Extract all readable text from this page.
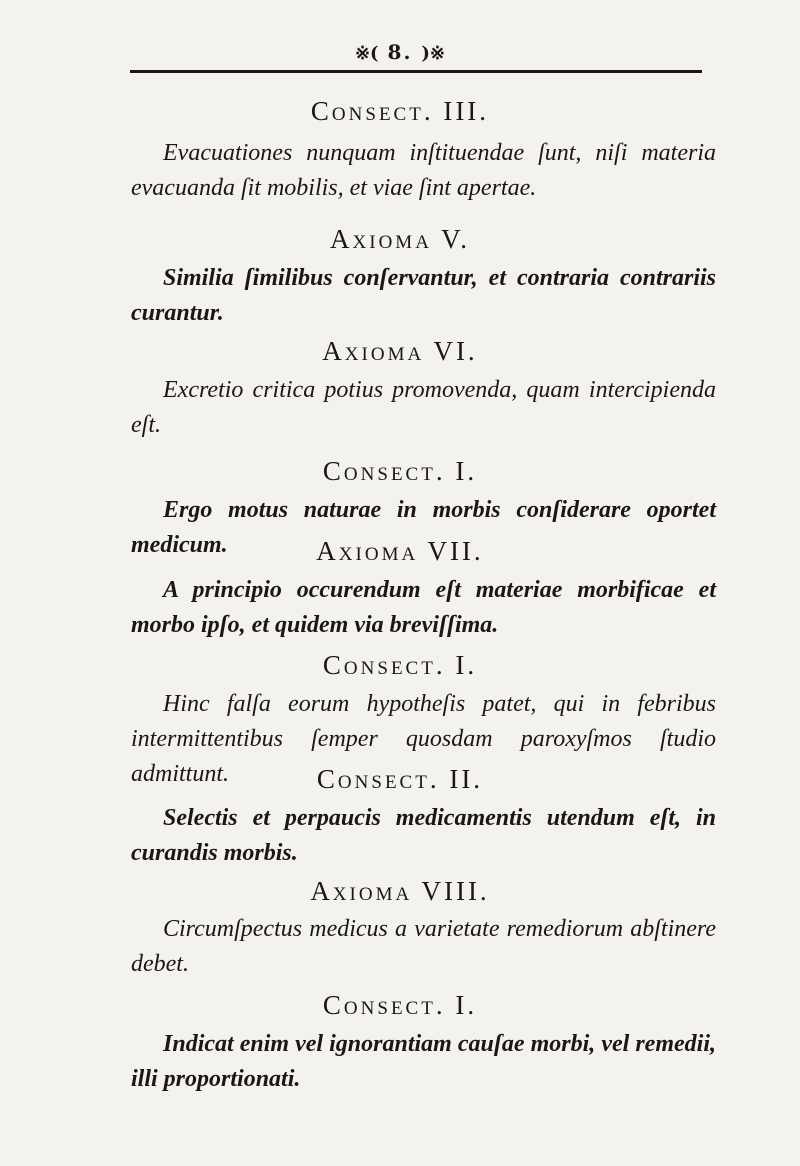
※( 8. )※
Consect. III.
Evacuationes nunquam inſtituendae ſunt, niſi materia evacuanda ſit mobilis, et viae ſint apertae.
Axioma V.
Similia ſimilibus conſervantur, et contraria contrariis curantur.
Axioma VI.
Excretio critica potius promovenda, quam intercipienda eſt.
Consect. I.
Ergo motus naturae in morbis conſiderare oportet medicum.	Axioma VII.
A principio occurendum eſt materiae morbificae et morbo ipſo, et quidem via breviſſima.
Consect. I.
Hinc falſa eorum hypotheſis patet, qui in febribus intermittentibus ſemper quosdam paroxyſmos ſtudio admittunt.	Consect. II.
Selectis et perpaucis medicamentis utendum eſt, in curandis morbis.
Axioma VIII.
Circumſpectus medicus a varietate remediorum abſtinere debet.
Consect. I.
Indicat enim vel ignorantiam cauſae morbi, vel remedii, illi proportionati.
